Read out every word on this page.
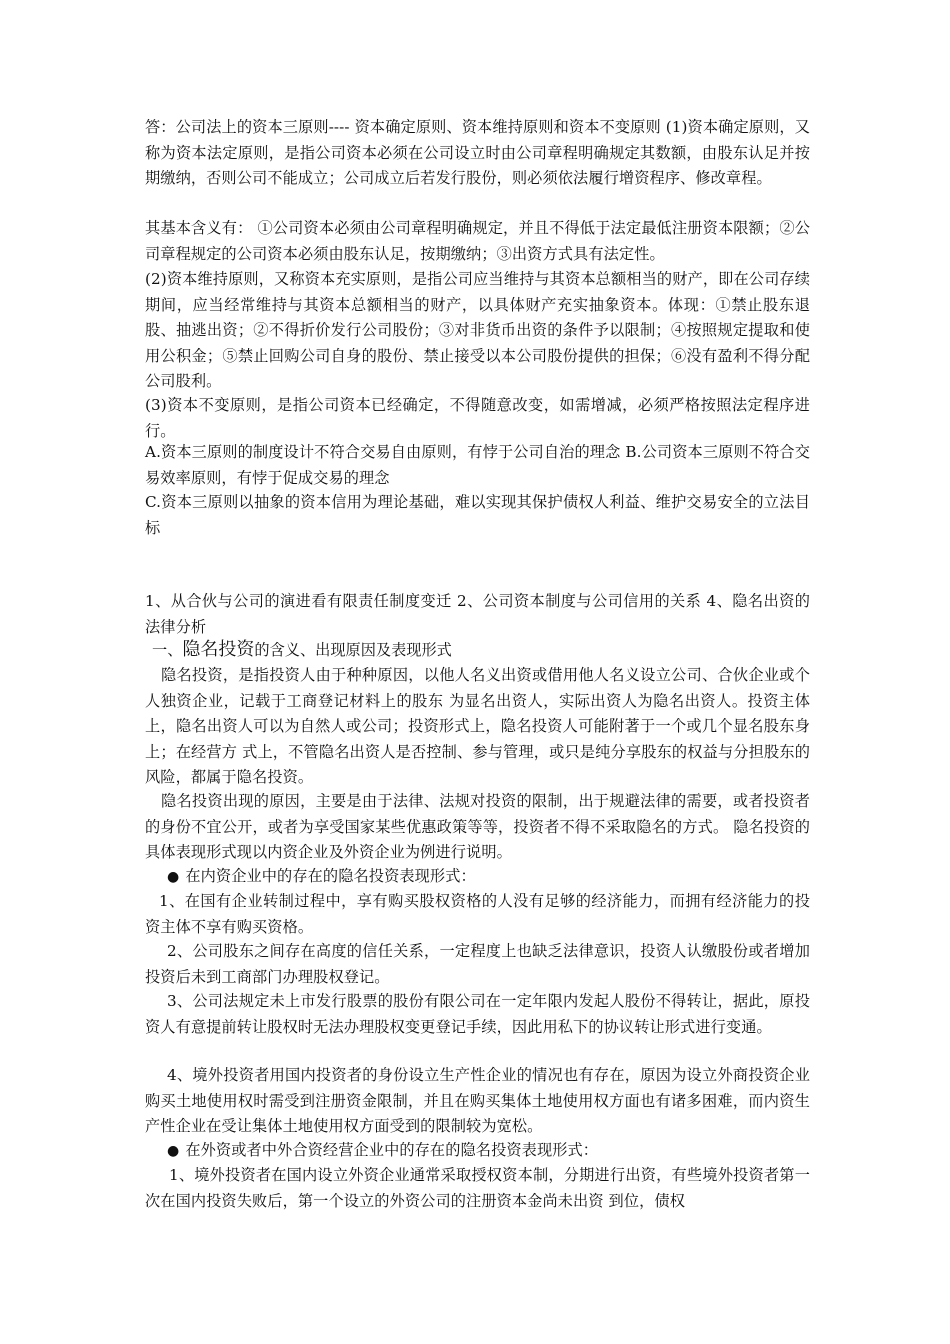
答：公司法上的资本三原则---- 资本确定原则、资本维持原则和资本不变原则 (1)资本确定原则，又称为资本法定原则，是指公司资本必须在公司设立时由公司章程明确规定其数额，由股东认足并按期缴纳，否则公司不能成立；公司成立后若发行股份，则必须依法履行增资程序、修改章程。
其基本含义有： ①公司资本必须由公司章程明确规定，并且不得低于法定最低注册资本限额；②公司章程规定的公司资本必须由股东认足，按期缴纳；③出资方式具有法定性。
(2)资本维持原则，又称资本充实原则，是指公司应当维持与其资本总额相当的财产，即在公司存续期间，应当经常维持与其资本总额相当的财产，以具体财产充实抽象资本。体现：①禁止股东退股、抽逃出资；②不得折价发行公司股份；③对非货币出资的条件予以限制；④按照规定提取和使用公积金；⑤禁止回购公司自身的股份、禁止接受以本公司股份提供的担保；⑥没有盈利不得分配公司股利。
(3)资本不变原则，是指公司资本已经确定，不得随意改变，如需增减，必须严格按照法定程序进行。
A.资本三原则的制度设计不符合交易自由原则，有悖于公司自治的理念 B.公司资本三原则不符合交易效率原则，有悖于促成交易的理念
C.资本三原则以抽象的资本信用为理论基础，难以实现其保护债权人利益、维护交易安全的立法目标
1、从合伙与公司的演进看有限责任制度变迁 2、公司资本制度与公司信用的关系 4、隐名出资的法律分析
一、隐名投资的含义、出现原因及表现形式
隐名投资，是指投资人由于种种原因，以他人名义出资或借用他人名义设立公司、合伙企业或个人独资企业，记载于工商登记材料上的股东 为显名出资人，实际出资人为隐名出资人。投资主体上，隐名出资人可以为自然人或公司；投资形式上，隐名投资人可能附著于一个或几个显名股东身上；在经营方 式上，不管隐名出资人是否控制、参与管理，或只是纯分享股东的权益与分担股东的风险，都属于隐名投资。
隐名投资出现的原因，主要是由于法律、法规对投资的限制，出于规避法律的需要，或者投资者的身份不宜公开，或者为享受国家某些优惠政策等等，投资者不得不采取隐名的方式。 隐名投资的具体表现形式现以内资企业及外资企业为例进行说明。
● 在内资企业中的存在的隐名投资表现形式：
1、在国有企业转制过程中，享有购买股权资格的人没有足够的经济能力，而拥有经济能力的投资主体不享有购买资格。
2、公司股东之间存在高度的信任关系，一定程度上也缺乏法律意识，投资人认缴股份或者增加投资后未到工商部门办理股权登记。
3、公司法规定未上市发行股票的股份有限公司在一定年限内发起人股份不得转让，据此，原投资人有意提前转让股权时无法办理股权变更登记手续，因此用私下的协议转让形式进行变通。
4、境外投资者用国内投资者的身份设立生产性企业的情况也有存在，原因为设立外商投资企业购买土地使用权时需受到注册资金限制，并且在购买集体土地使用权方面也有诸多困难，而内资生产性企业在受让集体土地使用权方面受到的限制较为宽松。
● 在外资或者中外合资经营企业中的存在的隐名投资表现形式：
1、境外投资者在国内设立外资企业通常采取授权资本制，分期进行出资，有些境外投资者第一次在国内投资失败后，第一个设立的外资公司的注册资本金尚未出资 到位，债权
